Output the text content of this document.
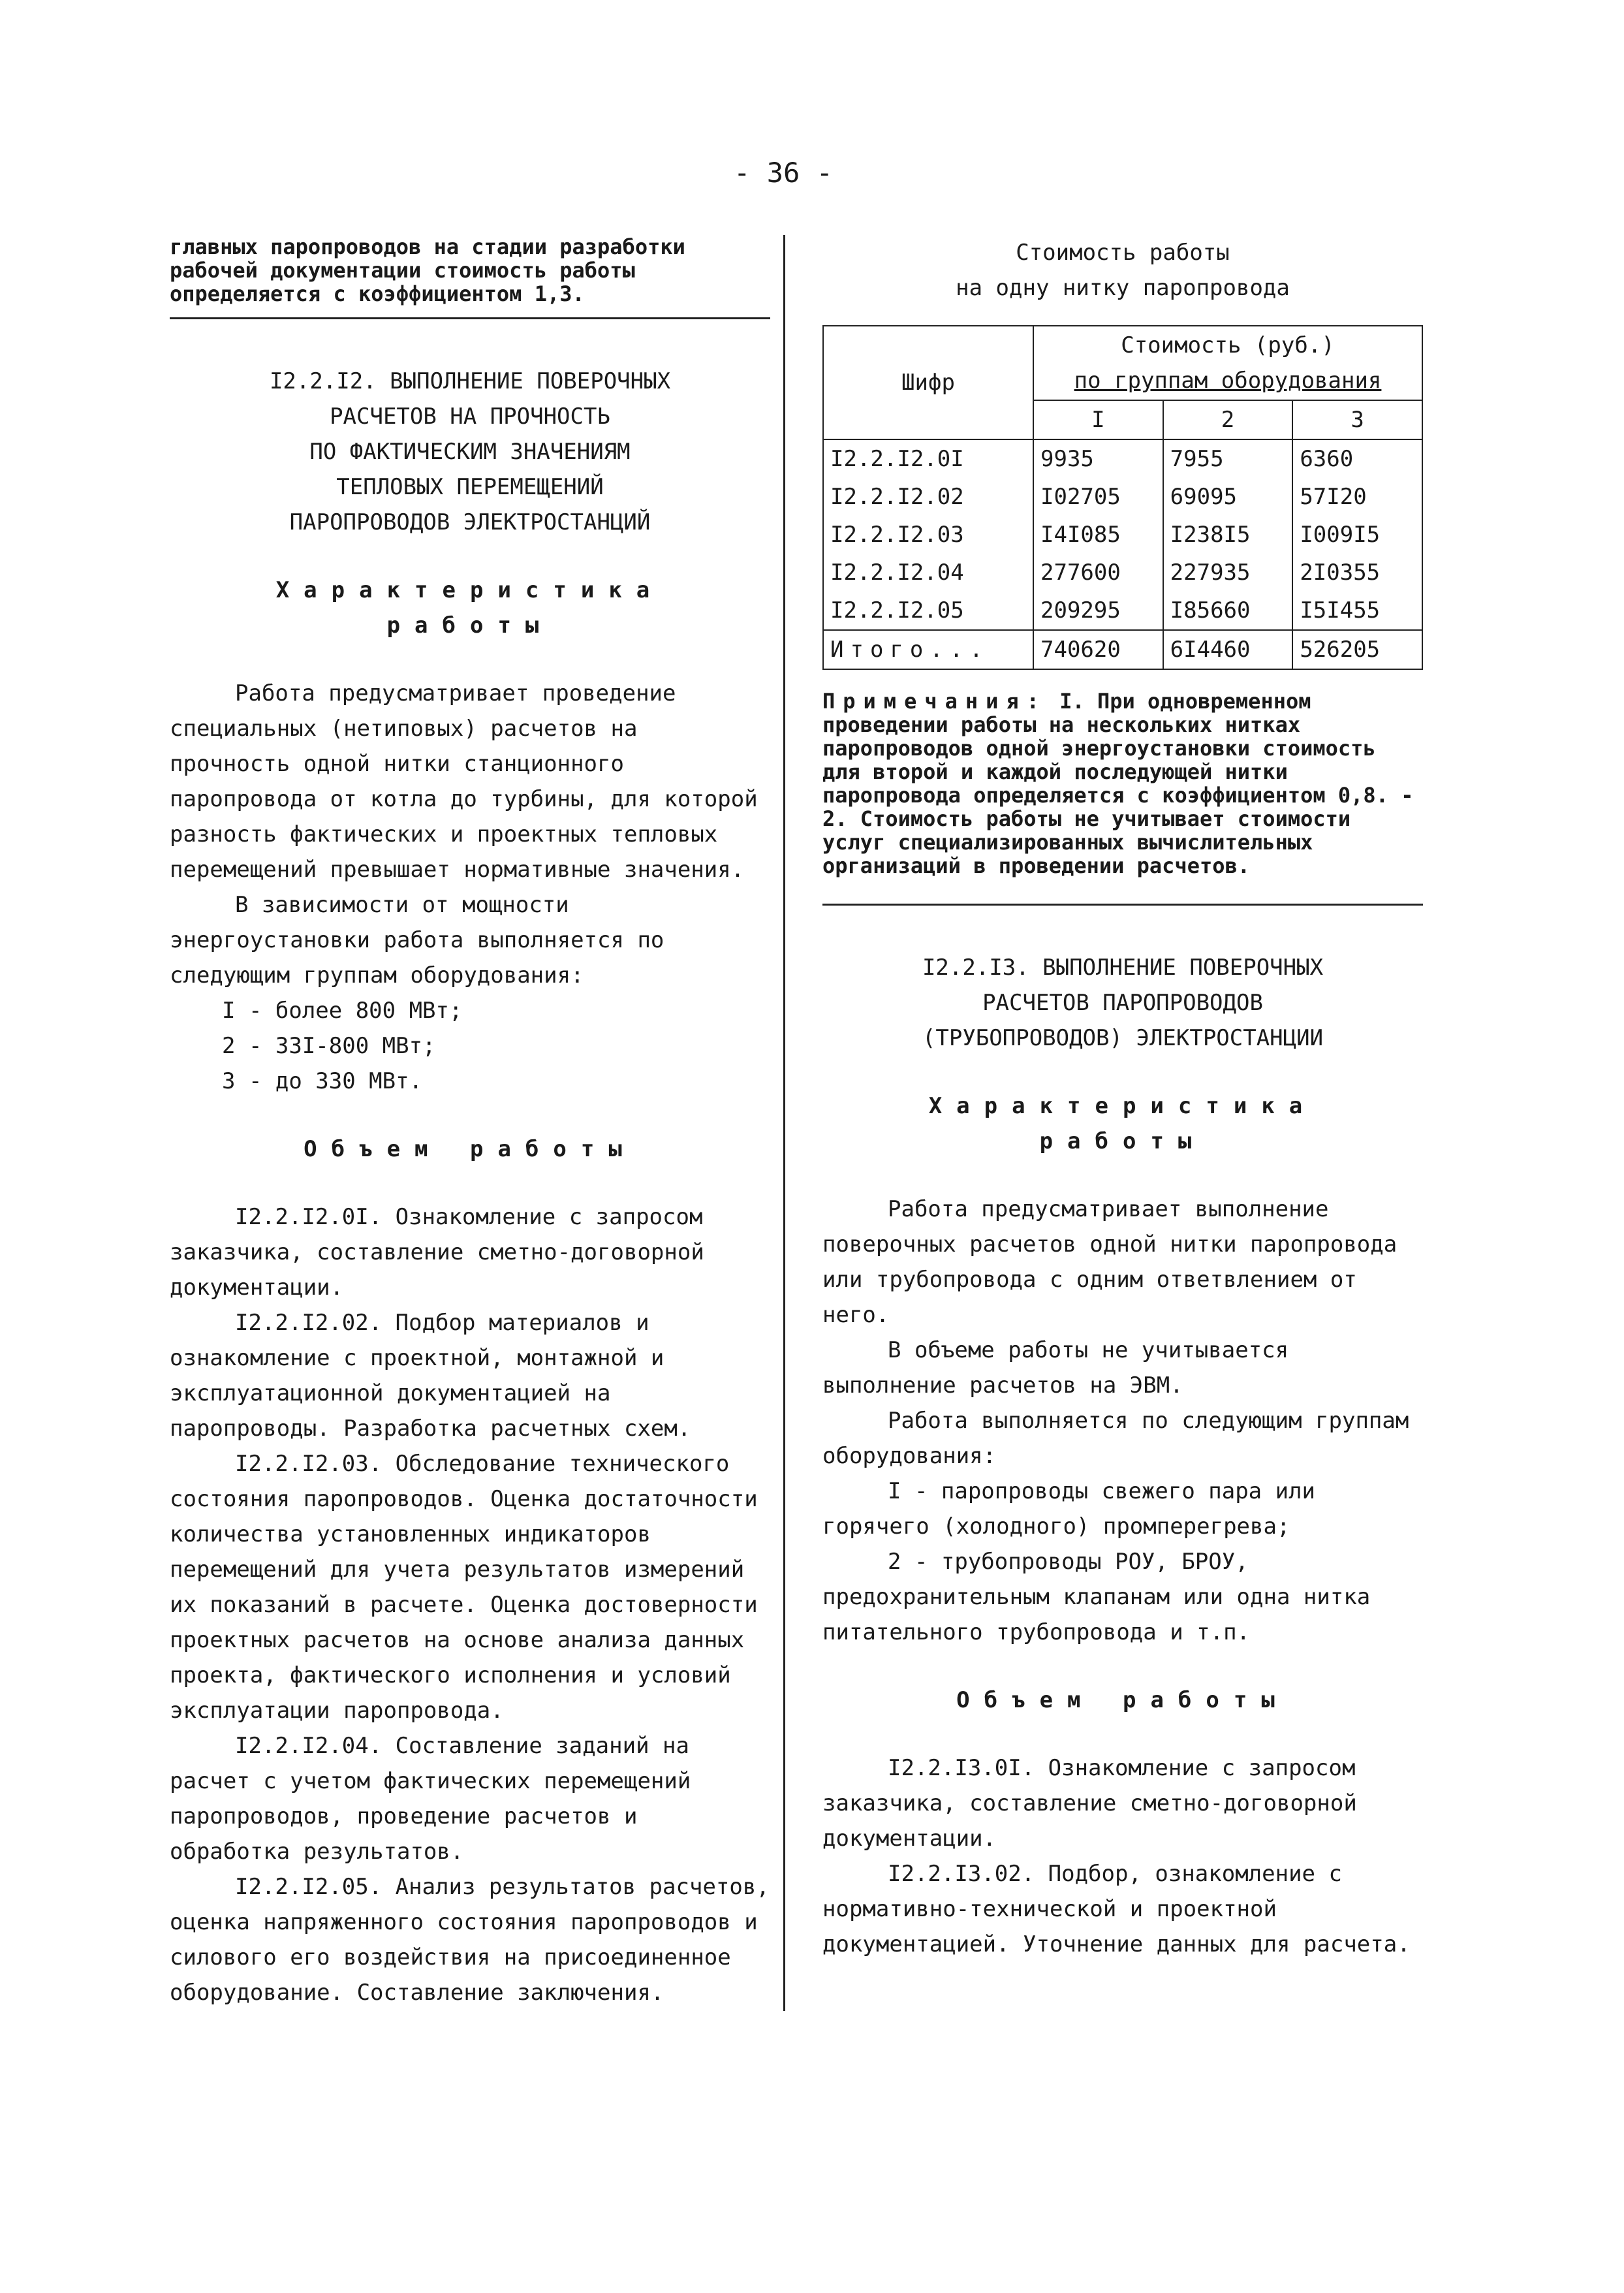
- 36 -

главных паропроводов на стадии разработки рабочей документации стоимость работы определяется с коэффициентом 1,3.

I2.2.I2. ВЫПОЛНЕНИЕ ПОВЕРОЧНЫХ
РАСЧЕТОВ НА ПРОЧНОСТЬ
ПО ФАКТИЧЕСКИМ ЗНАЧЕНИЯМ
ТЕПЛОВЫХ ПЕРЕМЕЩЕНИЙ
ПАРОПРОВОДОВ ЭЛЕКТРОСТАНЦИЙ
Характеристика
работы

Работа предусматривает проведение специальных (нетиповых) расчетов на прочность одной нитки станционного паропровода от котла до турбины, для которой разность фактических и проектных тепловых перемещений превышает нормативные значения.

В зависимости от мощности энергоустановки работа выполняется по следующим группам оборудования:

I - более 800 МВт;
2 - 33I-800 МВт;
3 - до 330 МВт.
Объем работы

I2.2.I2.0I. Ознакомление с запросом заказчика, составление сметно-договорной документации.

I2.2.I2.02. Подбор материалов и ознакомление с проектной, монтажной и эксплуатационной документацией на паропроводы. Разработка расчетных схем.

I2.2.I2.03. Обследование технического состояния паропроводов. Оценка достаточности количества установленных индикаторов перемещений для учета результатов измерений их показаний в расчете. Оценка достоверности проектных расчетов на основе анализа данных проекта, фактического исполнения и условий эксплуатации паропровода.

I2.2.I2.04. Составление заданий на расчет с учетом фактических перемещений паропроводов, проведение расчетов и обработка результатов.

I2.2.I2.05. Анализ результатов расчетов, оценка напряженного состояния паропроводов и силового его воздействия на присоединенное оборудование. Составление заключения.

Стоимость работы
на одну нитку паропровода
Шифр	Стоимость (руб.)
по группам оборудования		

	I	2	3
I2.2.I2.0I	9935	7955	6360
I2.2.I2.02	I02705	69095	57I20
I2.2.I2.03	I4I085	I238I5	I009I5
I2.2.I2.04	277600	227935	2I0355
I2.2.I2.05	209295	I85660	I5I455
Итого...	740620	6I4460	526205

Примечания: I. При одновременном проведении работы на нескольких нитках паропроводов одной энергоустановки стоимость для второй и каждой последующей нитки паропровода определяется с коэффициентом 0,8. - 2. Стоимость работы не учитывает стоимости услуг специализированных вычислительных организаций в проведении расчетов.

I2.2.I3. ВЫПОЛНЕНИЕ ПОВЕРОЧНЫХ
РАСЧЕТОВ ПАРОПРОВОДОВ
(ТРУБОПРОВОДОВ) ЭЛЕКТРОСТАНЦИИ
Характеристика
работы

Работа предусматривает выполнение поверочных расчетов одной нитки паропровода или трубопровода с одним ответвлением от него.

В объеме работы не учитывается выполнение расчетов на ЭВМ.

Работа выполняется по следующим группам оборудования:

I - паропроводы свежего пара или горячего (холодного) промперегрева;

2 - трубопроводы РОУ, БРОУ, предохранительным клапанам или одна нитка питательного трубопровода и т.п.

Объем работы

I2.2.I3.0I. Ознакомление с запросом заказчика, составление сметно-договорной документации.

I2.2.I3.02. Подбор, ознакомление с нормативно-технической и проектной документацией. Уточнение данных для расчета.
